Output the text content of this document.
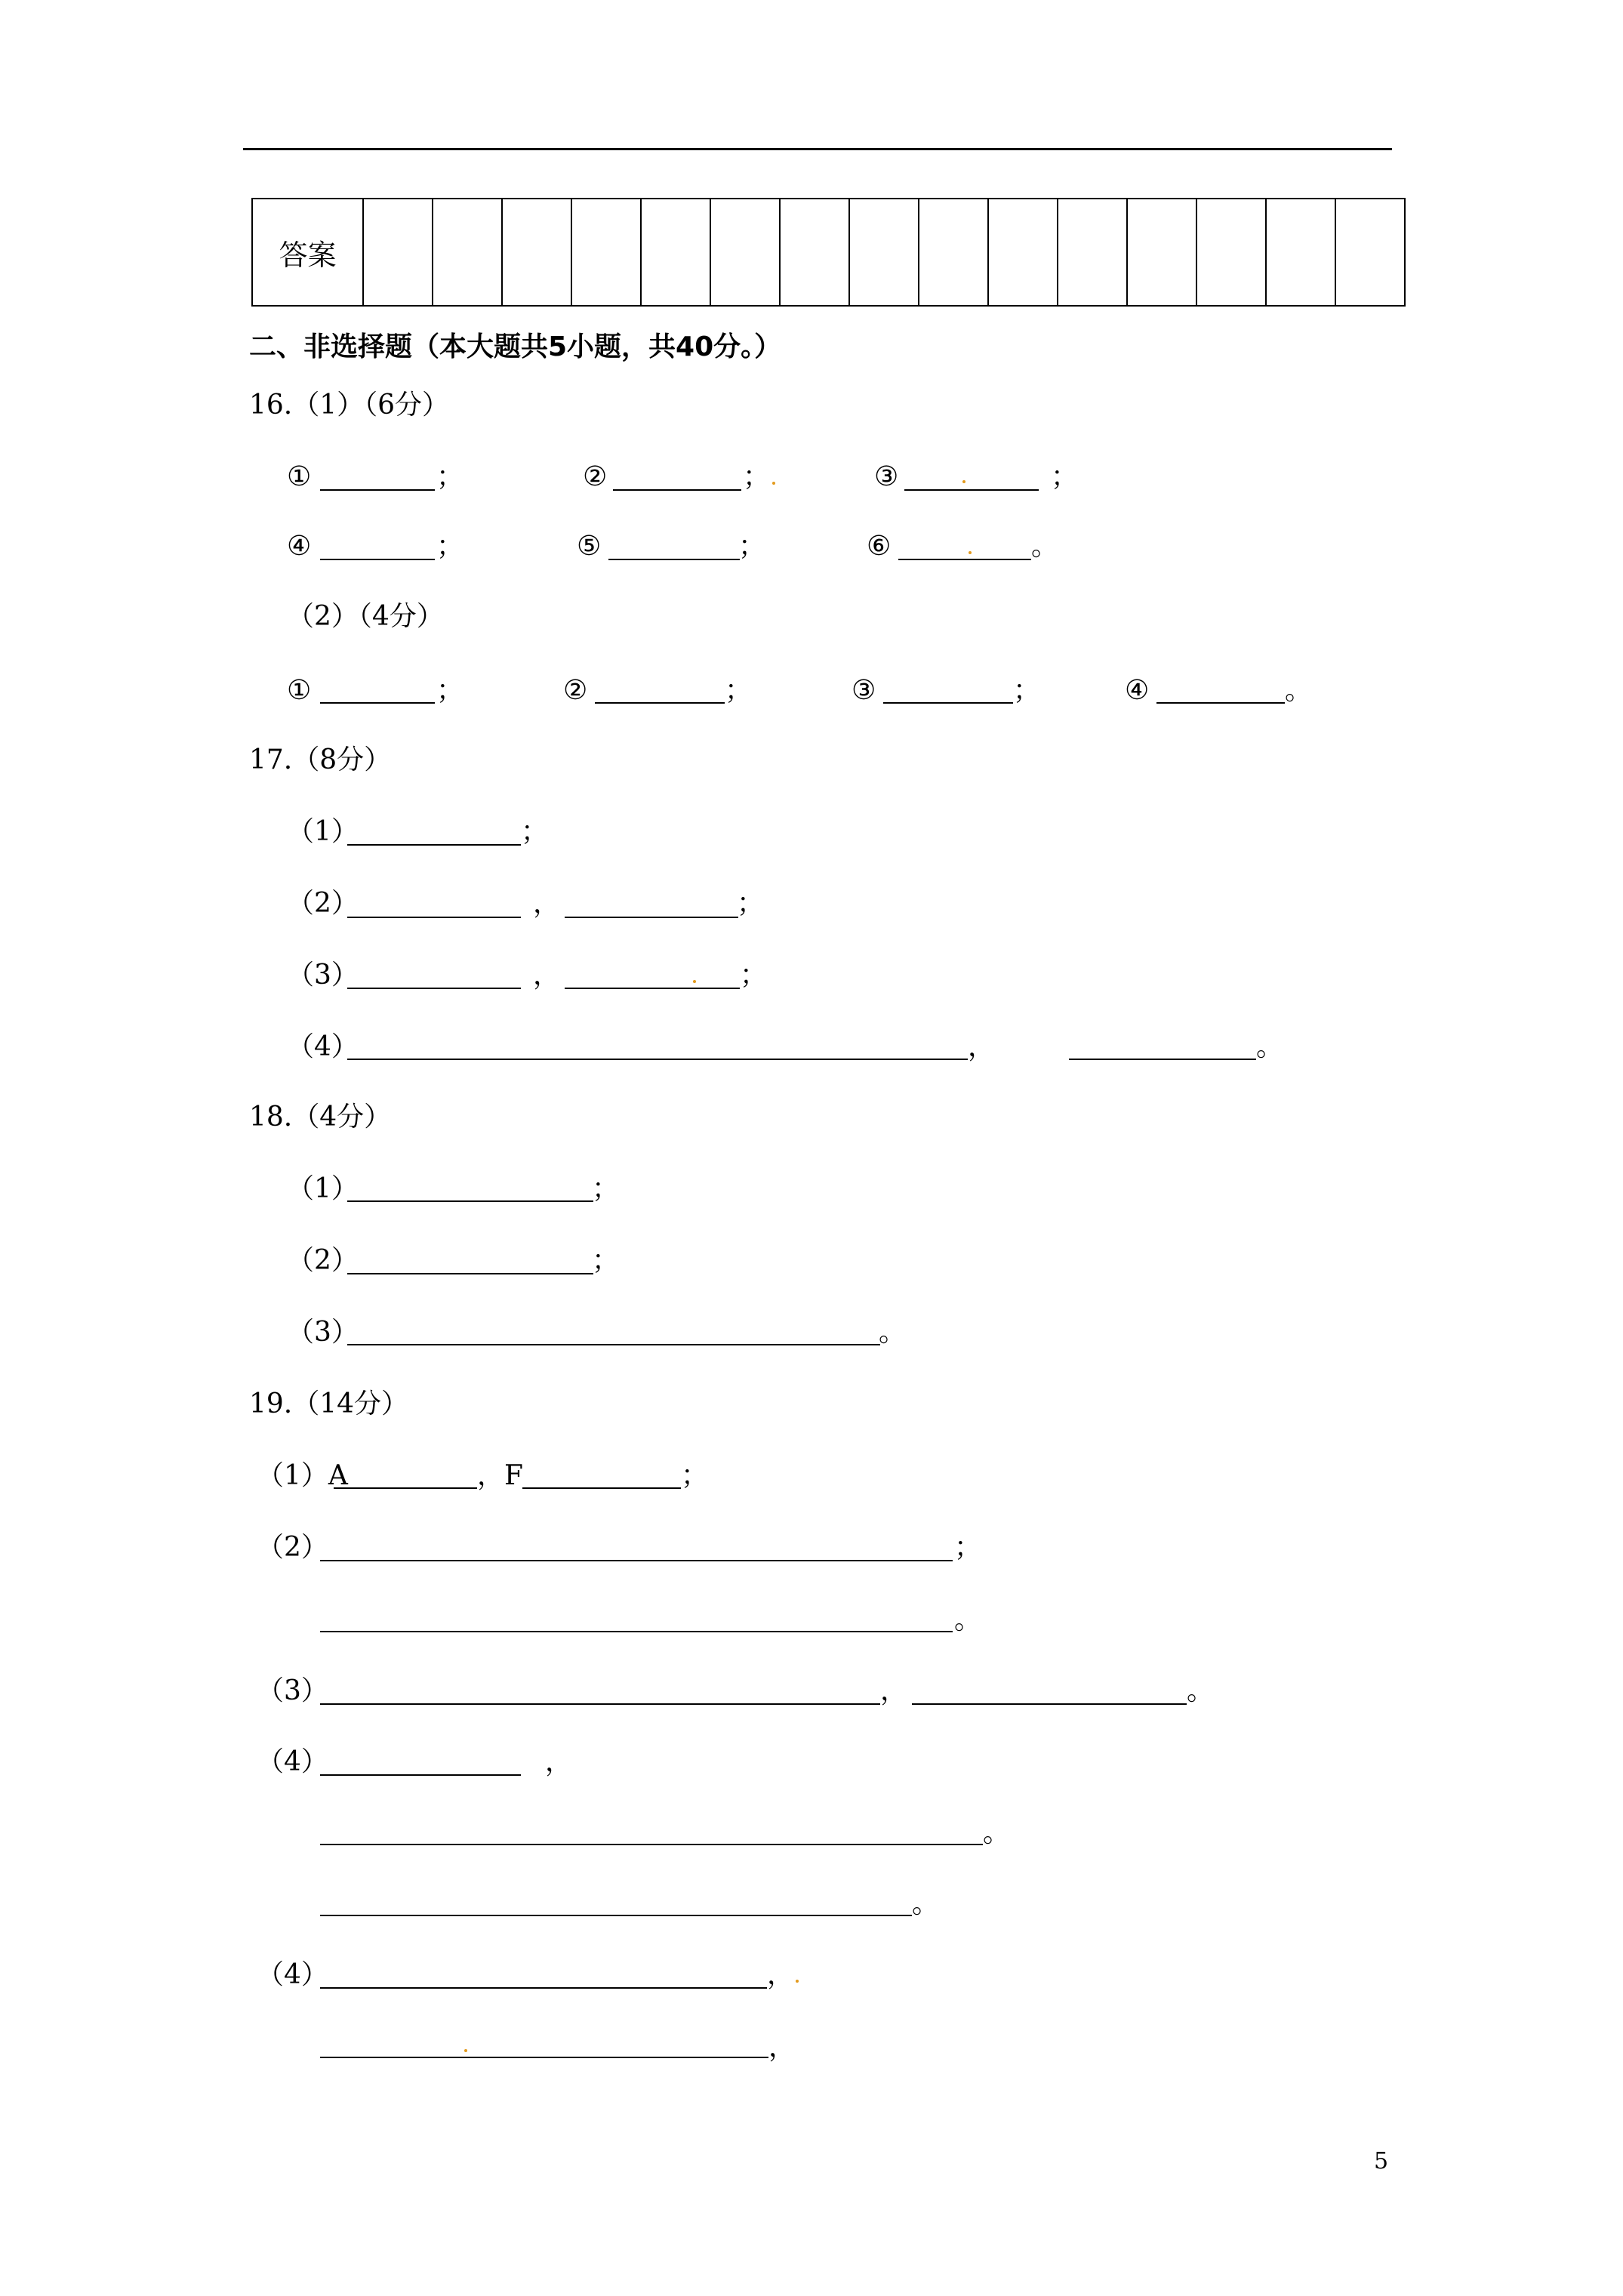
答案															
二、非选择题（本大题共5小题，共40分。）
16.（1）（6分）
①	；	②	；	③	；
④	；	⑤	；	⑥	。
（2）（4分）
①	；	②	；	③	；	④	。
17.（8分）
（1）	；
（2）	，	；
（3）	，	；
（4）	，	。
18.（4分）
（1）	；
（2）	；
（3）	。
19.（14分）
（1）A	，F	；
（2）	；
。
（3）	，	。
（4）	，
。
。
（4）	，
，
5
